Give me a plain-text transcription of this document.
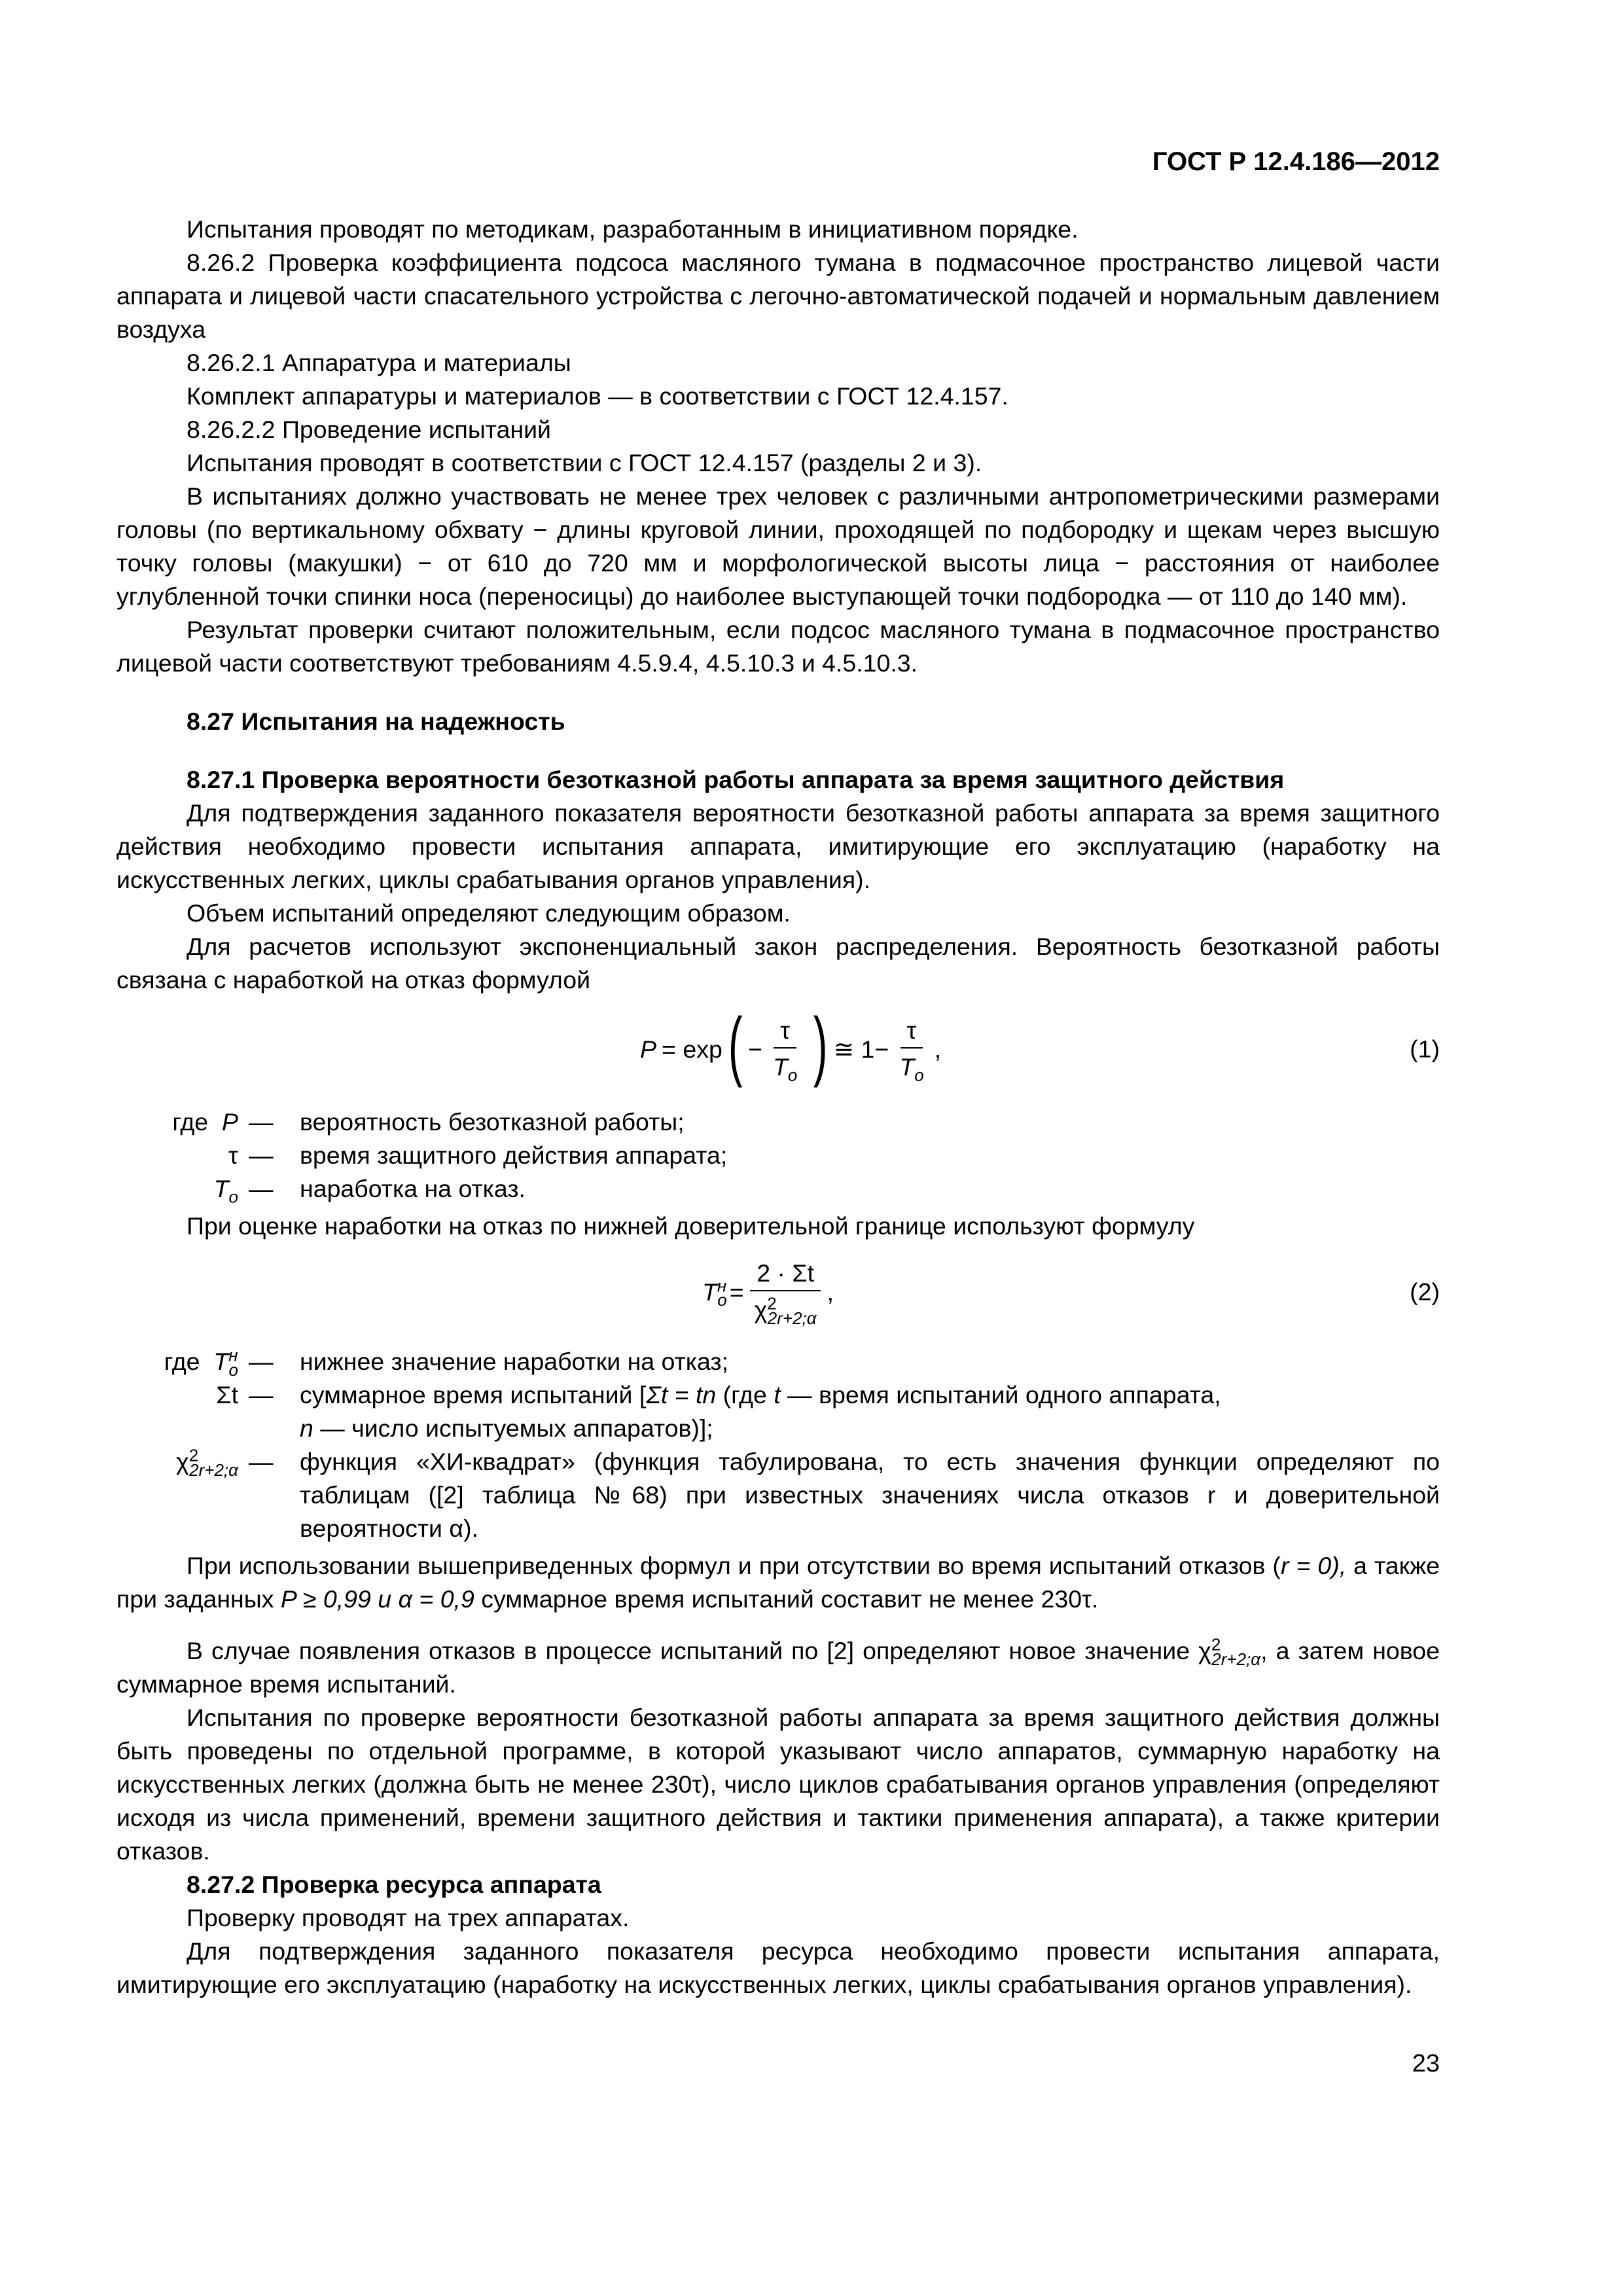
ГОСТ Р 12.4.186—2012

Испытания проводят по методикам, разработанным в инициативном порядке.

8.26.2 Проверка коэффициента подсоса масляного тумана в подмасочное пространство лицевой части аппарата и лицевой части спасательного устройства с легочно-автоматической подачей и нормальным давлением воздуха

8.26.2.1 Аппаратура и материалы

Комплект аппаратуры и материалов — в соответствии с ГОСТ 12.4.157.

8.26.2.2 Проведение испытаний

Испытания проводят в соответствии с ГОСТ 12.4.157 (разделы 2 и 3).

В испытаниях должно участвовать не менее трех человек с различными антропометрическими размерами головы (по вертикальному обхвату − длины круговой линии, проходящей по подбородку и щекам через высшую точку головы (макушки) − от 610 до 720 мм и морфологической высоты лица − расстояния от наиболее углубленной точки спинки носа (переносицы) до наиболее выступающей точки подбородка — от 110 до 140 мм).

Результат проверки считают положительным, если подсос масляного тумана в подмасочное пространство лицевой части соответствуют требованиям 4.5.9.4, 4.5.10.3 и 4.5.10.3.

8.27 Испытания на надежность

8.27.1 Проверка вероятности безотказной работы аппарата за время защитного действия

Для подтверждения заданного показателя вероятности безотказной работы аппарата за время защитного действия необходимо провести испытания аппарата, имитирующие его эксплуатацию (наработку на искусственных легких, циклы срабатывания органов управления).

Объем испытаний определяют следующим образом.

Для расчетов используют экспоненциальный закон распределения. Вероятность безотказной работы связана с наработкой на отказ формулой

P = exp ( − $\frac{\tau}{T_o}$ ) ≅ $1- \frac{\tau}{T_o}$ ,	(1)
где P —	вероятность безотказной работы;
τ —	время защитного действия аппарата;
$T_o$ —	наработка на отказ.

При оценке наработки на отказ по нижней доверительной границе используют формулу

$T^н_o = \frac{2 \cdot \Sigma t}{\chi^2_{2r+2;\alpha}}$ ,	(2)
где $T^н_o$ —	нижнее значение наработки на отказ;
Σt —	суммарное время испытаний [Σt = tn (где t — время испытаний одного аппарата,
n — число испытуемых аппаратов)];
$\chi^2_{2r+2;\alpha}$ —	функция «ХИ-квадрат» (функция табулирована, то есть значения функции определяют по таблицам ([2] таблица №68) при известных значениях числа отказов r и доверительной вероятности α).

При использовании вышеприведенных формул и при отсутствии во время испытаний отказов (r = 0), а также при заданных P ≥ 0,99 и α = 0,9 суммарное время испытаний составит не менее 230τ.

В случае появления отказов в процессе испытаний по [2] определяют новое значение $\chi^2_{2r+2;\alpha}$, а затем новое суммарное время испытаний.

Испытания по проверке вероятности безотказной работы аппарата за время защитного действия должны быть проведены по отдельной программе, в которой указывают число аппаратов, суммарную наработку на искусственных легких (должна быть не менее 230τ), число циклов срабатывания органов управления (определяют исходя из числа применений, времени защитного действия и тактики применения аппарата), а также критерии отказов.

8.27.2 Проверка ресурса аппарата

Проверку проводят на трех аппаратах.

Для подтверждения заданного показателя ресурса необходимо провести испытания аппарата, имитирующие его эксплуатацию (наработку на искусственных легких, циклы срабатывания органов управления).

23
